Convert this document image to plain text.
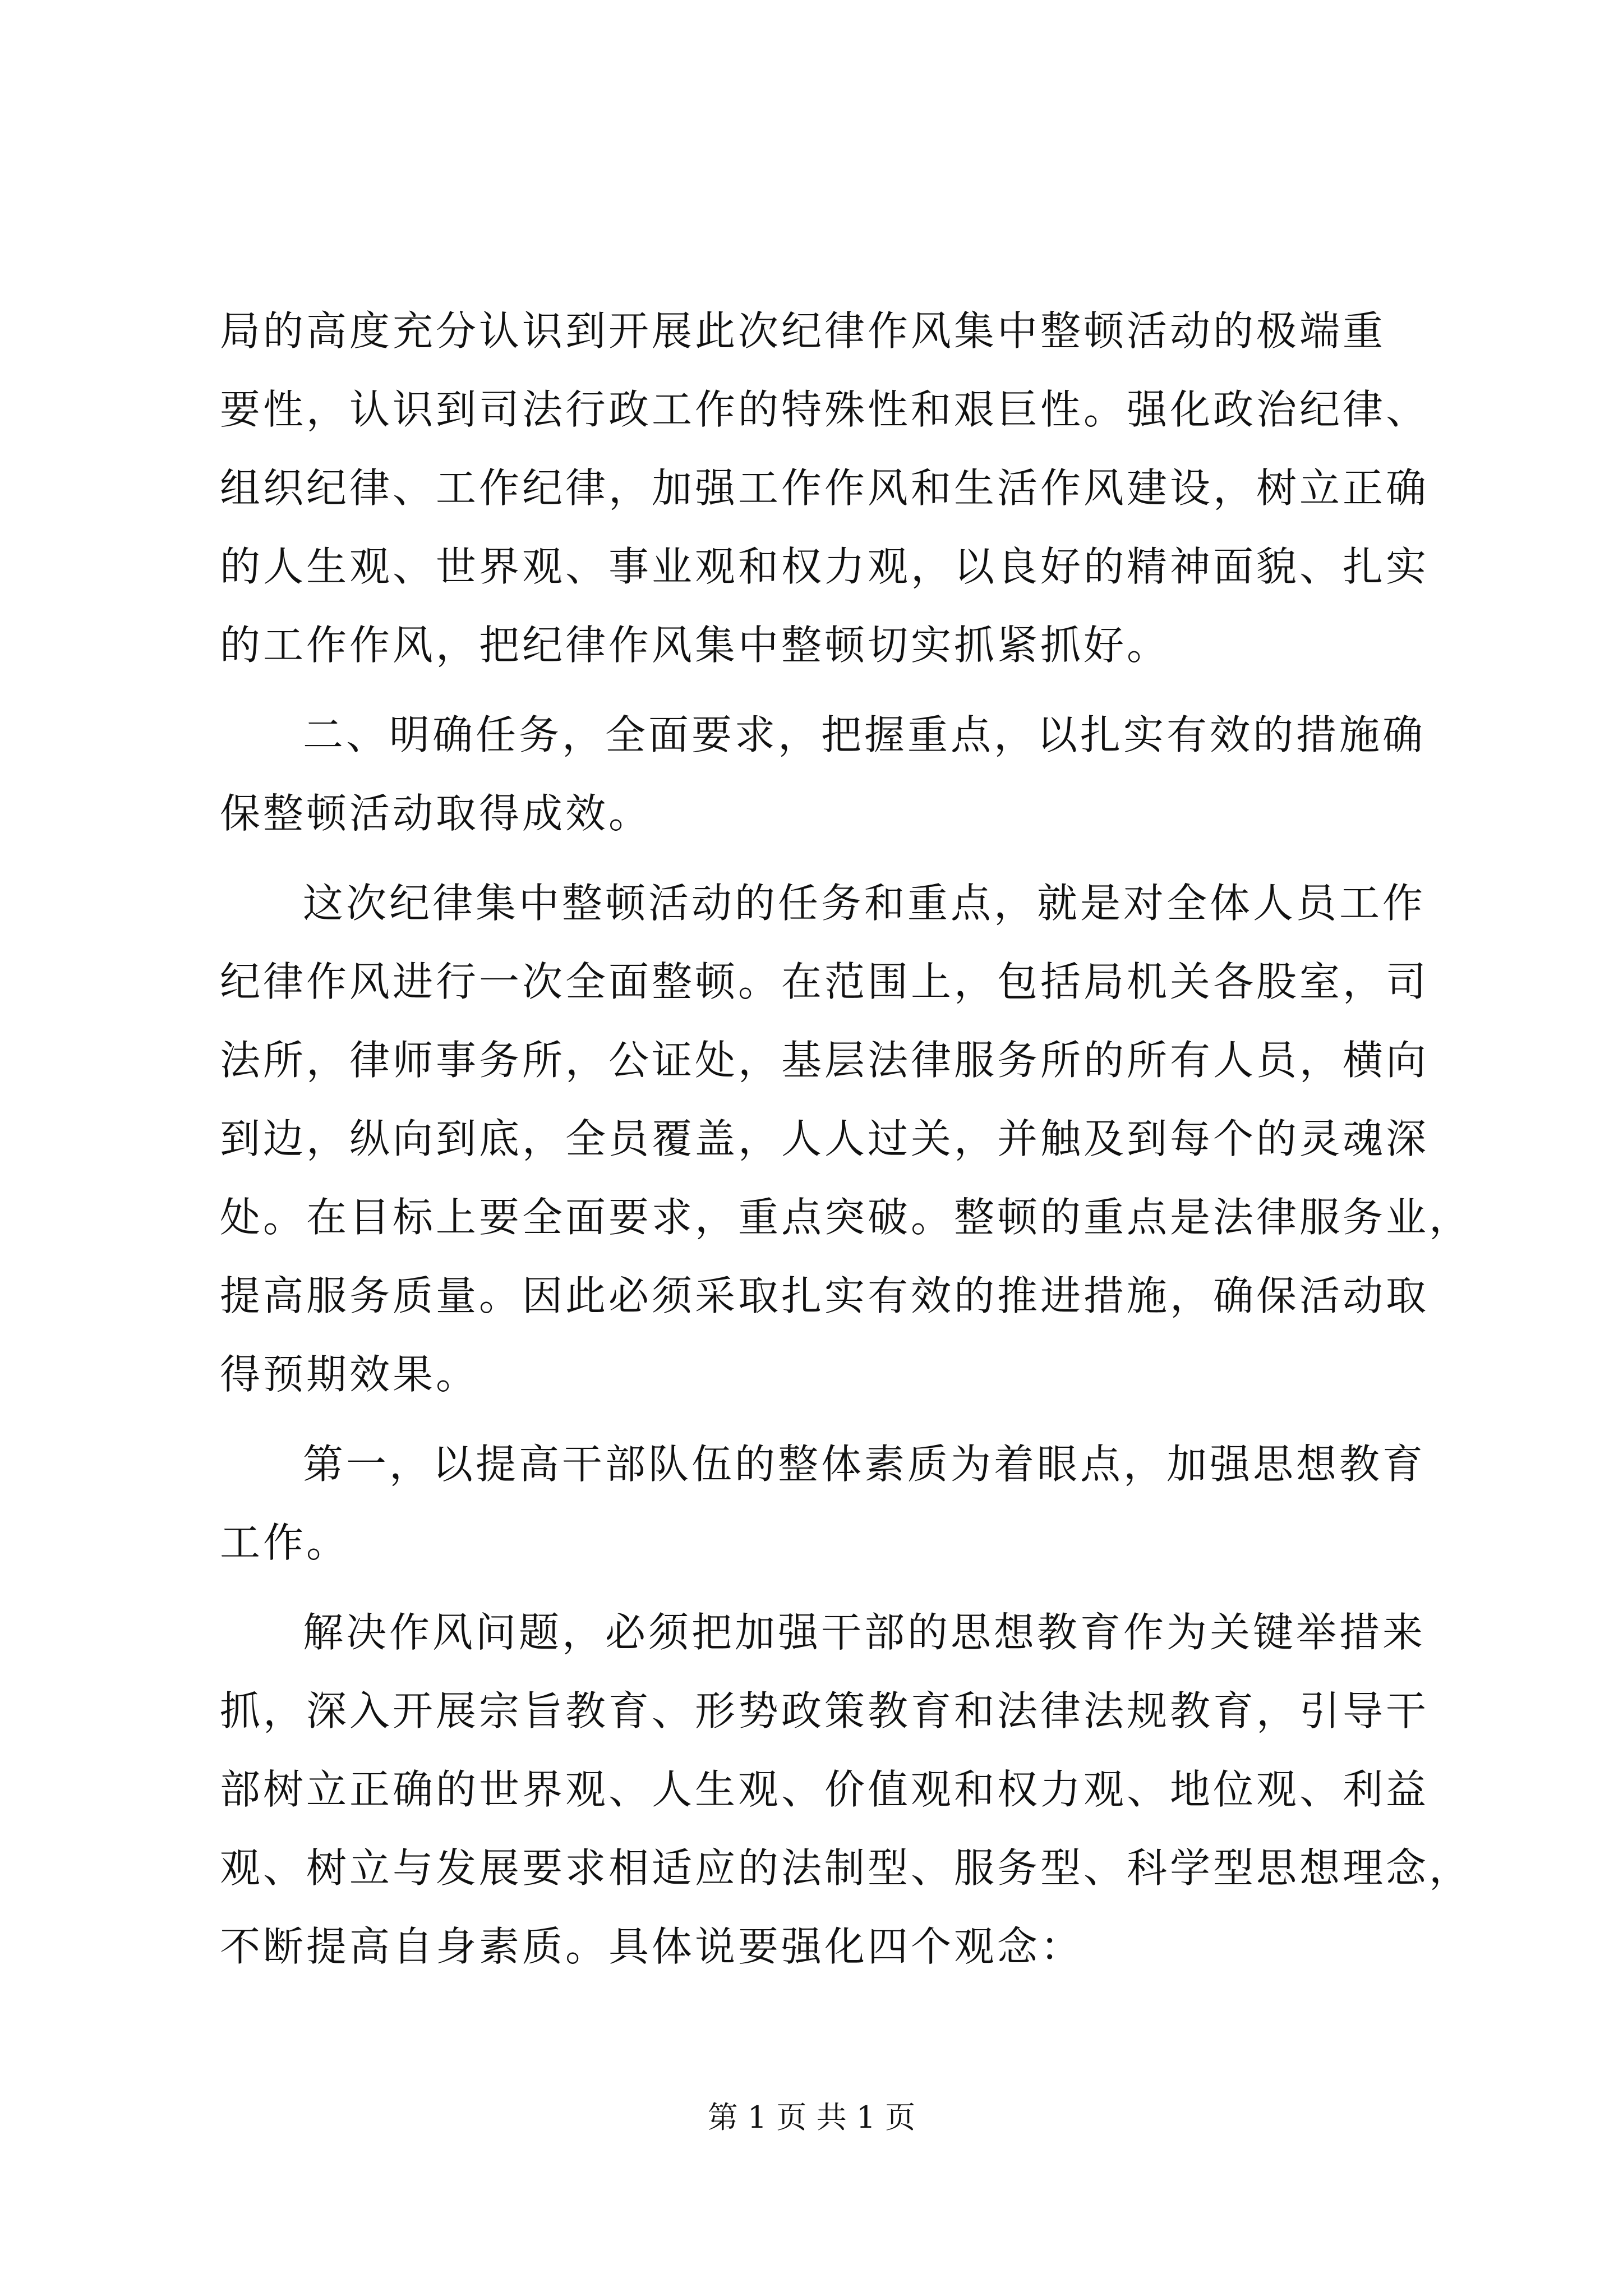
局的高度充分认识到开展此次纪律作风集中整顿活动的极端重
要性，认识到司法行政工作的特殊性和艰巨性。强化政治纪律、
组织纪律、工作纪律，加强工作作风和生活作风建设，树立正确
的人生观、世界观、事业观和权力观，以良好的精神面貌、扎实
的工作作风，把纪律作风集中整顿切实抓紧抓好。
二、明确任务，全面要求，把握重点，以扎实有效的措施确
保整顿活动取得成效。
这次纪律集中整顿活动的任务和重点，就是对全体人员工作
纪律作风进行一次全面整顿。在范围上，包括局机关各股室，司
法所，律师事务所，公证处，基层法律服务所的所有人员，横向
到边，纵向到底，全员覆盖，人人过关，并触及到每个的灵魂深
处。在目标上要全面要求，重点突破。整顿的重点是法律服务业，
提高服务质量。因此必须采取扎实有效的推进措施，确保活动取
得预期效果。
第一，以提高干部队伍的整体素质为着眼点，加强思想教育
工作。
解决作风问题，必须把加强干部的思想教育作为关键举措来
抓，深入开展宗旨教育、形势政策教育和法律法规教育，引导干
部树立正确的世界观、人生观、价值观和权力观、地位观、利益
观、树立与发展要求相适应的法制型、服务型、科学型思想理念，
不断提高自身素质。具体说要强化四个观念：
第 1 页 共 1 页
